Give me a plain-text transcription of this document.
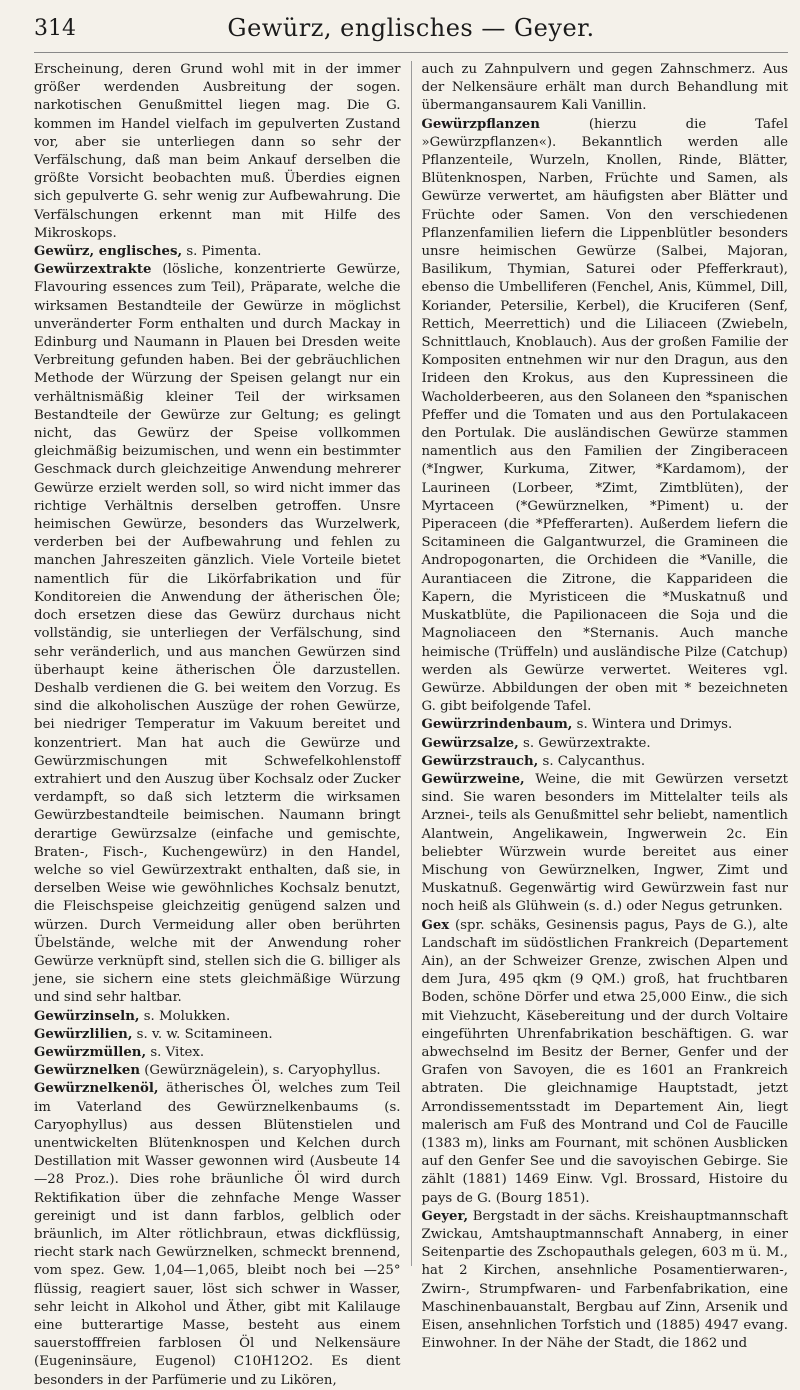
314	Gewürz, englisches — Geyer.

Erscheinung, deren Grund wohl mit in der immer größer werdenden Ausbreitung der sogen. narkotischen Genußmittel liegen mag. Die G. kommen im Handel vielfach im gepulverten Zustand vor, aber sie unterliegen dann so sehr der Verfälschung, daß man beim Ankauf derselben die größte Vorsicht beobachten muß. Überdies eignen sich gepulverte G. sehr wenig zur Aufbewahrung. Die Verfälschungen erkennt man mit Hilfe des Mikroskops.

Gewürz, englisches, s. Pimenta.

Gewürzextrakte (lösliche, konzentrierte Gewürze, Flavouring essences zum Teil), Präparate, welche die wirksamen Bestandteile der Gewürze in möglichst unveränderter Form enthalten und durch Mackay in Edinburg und Naumann in Plauen bei Dresden weite Verbreitung gefunden haben. Bei der gebräuchlichen Methode der Würzung der Speisen gelangt nur ein verhältnismäßig kleiner Teil der wirksamen Bestandteile der Gewürze zur Geltung; es gelingt nicht, das Gewürz der Speise vollkommen gleichmäßig beizumischen, und wenn ein bestimmter Geschmack durch gleichzeitige Anwendung mehrerer Gewürze erzielt werden soll, so wird nicht immer das richtige Verhältnis derselben getroffen. Unsre heimischen Gewürze, besonders das Wurzelwerk, verderben bei der Aufbewahrung und fehlen zu manchen Jahreszeiten gänzlich. Viele Vorteile bietet namentlich für die Likörfabrikation und für Konditoreien die Anwendung der ätherischen Öle; doch ersetzen diese das Gewürz durchaus nicht vollständig, sie unterliegen der Verfälschung, sind sehr veränderlich, und aus manchen Gewürzen sind überhaupt keine ätherischen Öle darzustellen. Deshalb verdienen die G. bei weitem den Vorzug. Es sind die alkoholischen Auszüge der rohen Gewürze, bei niedriger Temperatur im Vakuum bereitet und konzentriert. Man hat auch die Gewürze und Gewürzmischungen mit Schwefelkohlenstoff extrahiert und den Auszug über Kochsalz oder Zucker verdampft, so daß sich letzterm die wirksamen Gewürzbestandteile beimischen. Naumann bringt derartige Gewürzsalze (einfache und gemischte, Braten-, Fisch-, Kuchengewürz) in den Handel, welche so viel Gewürzextrakt enthalten, daß sie, in derselben Weise wie gewöhnliches Kochsalz benutzt, die Fleischspeise gleichzeitig genügend salzen und würzen. Durch Vermeidung aller oben berührten Übelstände, welche mit der Anwendung roher Gewürze verknüpft sind, stellen sich die G. billiger als jene, sie sichern eine stets gleichmäßige Würzung und sind sehr haltbar.

Gewürzinseln, s. Molukken.

Gewürzlilien, s. v. w. Scitamineen.

Gewürzmüllen, s. Vitex.

Gewürznelken (Gewürznägelein), s. Caryophyllus.

Gewürznelkenöl, ätherisches Öl, welches zum Teil im Vaterland des Gewürznelkenbaums (s. Caryophyllus) aus dessen Blütenstielen und unentwickelten Blütenknospen und Kelchen durch Destillation mit Wasser gewonnen wird (Ausbeute 14—28 Proz.). Dies rohe bräunliche Öl wird durch Rektifikation über die zehnfache Menge Wasser gereinigt und ist dann farblos, gelblich oder bräunlich, im Alter rötlichbraun, etwas dickflüssig, riecht stark nach Gewürznelken, schmeckt brennend, vom spez. Gew. 1,04—1,065, bleibt noch bei —25° flüssig, reagiert sauer, löst sich schwer in Wasser, sehr leicht in Alkohol und Äther, gibt mit Kalilauge eine butterartige Masse, besteht aus einem sauerstofffreien farblosen Öl und Nelkensäure (Eugeninsäure, Eugenol) C10H12O2. Es dient besonders in der Parfümerie und zu Likören,

auch zu Zahnpulvern und gegen Zahnschmerz. Aus der Nelkensäure erhält man durch Behandlung mit übermangansaurem Kali Vanillin.

Gewürzpflanzen (hierzu die Tafel »Gewürzpflanzen«). Bekanntlich werden alle Pflanzenteile, Wurzeln, Knollen, Rinde, Blätter, Blütenknospen, Narben, Früchte und Samen, als Gewürze verwertet, am häufigsten aber Blätter und Früchte oder Samen. Von den verschiedenen Pflanzenfamilien liefern die Lippenblütler besonders unsre heimischen Gewürze (Salbei, Majoran, Basilikum, Thymian, Saturei oder Pfefferkraut), ebenso die Umbelliferen (Fenchel, Anis, Kümmel, Dill, Koriander, Petersilie, Kerbel), die Kruciferen (Senf, Rettich, Meerrettich) und die Liliaceen (Zwiebeln, Schnittlauch, Knoblauch). Aus der großen Familie der Kompositen entnehmen wir nur den Dragun, aus den Irideen den Krokus, aus den Kupressineen die Wacholderbeeren, aus den Solaneen den *spanischen Pfeffer und die Tomaten und aus den Portulakaceen den Portulak. Die ausländischen Gewürze stammen namentlich aus den Familien der Zingiberaceen (*Ingwer, Kurkuma, Zitwer, *Kardamom), der Laurineen (Lorbeer, *Zimt, Zimtblüten), der Myrtaceen (*Gewürznelken, *Piment) u. der Piperaceen (die *Pfefferarten). Außerdem liefern die Scitamineen die Galgantwurzel, die Gramineen die Andropogonarten, die Orchideen die *Vanille, die Aurantiaceen die Zitrone, die Kapparideen die Kapern, die Myristiceen die *Muskatnuß und Muskatblüte, die Papilionaceen die Soja und die Magnoliaceen den *Sternanis. Auch manche heimische (Trüffeln) und ausländische Pilze (Catchup) werden als Gewürze verwertet. Weiteres vgl. Gewürze. Abbildungen der oben mit * bezeichneten G. gibt beifolgende Tafel.

Gewürzrindenbaum, s. Wintera und Drimys.

Gewürzsalze, s. Gewürzextrakte.

Gewürzstrauch, s. Calycanthus.

Gewürzweine, Weine, die mit Gewürzen versetzt sind. Sie waren besonders im Mittelalter teils als Arznei-, teils als Genußmittel sehr beliebt, namentlich Alantwein, Angelikawein, Ingwerwein 2c. Ein beliebter Würzwein wurde bereitet aus einer Mischung von Gewürznelken, Ingwer, Zimt und Muskatnuß. Gegenwärtig wird Gewürzwein fast nur noch heiß als Glühwein (s. d.) oder Negus getrunken.

Gex (spr. schäks, Gesinensis pagus, Pays de G.), alte Landschaft im südöstlichen Frankreich (Departement Ain), an der Schweizer Grenze, zwischen Alpen und dem Jura, 495 qkm (9 QM.) groß, hat fruchtbaren Boden, schöne Dörfer und etwa 25,000 Einw., die sich mit Viehzucht, Käsebereitung und der durch Voltaire eingeführten Uhrenfabrikation beschäftigen. G. war abwechselnd im Besitz der Berner, Genfer und der Grafen von Savoyen, die es 1601 an Frankreich abtraten. Die gleichnamige Hauptstadt, jetzt Arrondissementsstadt im Departement Ain, liegt malerisch am Fuß des Montrand und Col de Faucille (1383 m), links am Fournant, mit schönen Ausblicken auf den Genfer See und die savoyischen Gebirge. Sie zählt (1881) 1469 Einw. Vgl. Brossard, Histoire du pays de G. (Bourg 1851).

Geyer, Bergstadt in der sächs. Kreishauptmannschaft Zwickau, Amtshauptmannschaft Annaberg, in einer Seitenpartie des Zschopauthals gelegen, 603 m ü. M., hat 2 Kirchen, ansehnliche Posamentierwaren-, Zwirn-, Strumpfwaren- und Farbenfabrikation, eine Maschinenbauanstalt, Bergbau auf Zinn, Arsenik und Eisen, ansehnlichen Torfstich und (1885) 4947 evang. Einwohner. In der Nähe der Stadt, die 1862 und
